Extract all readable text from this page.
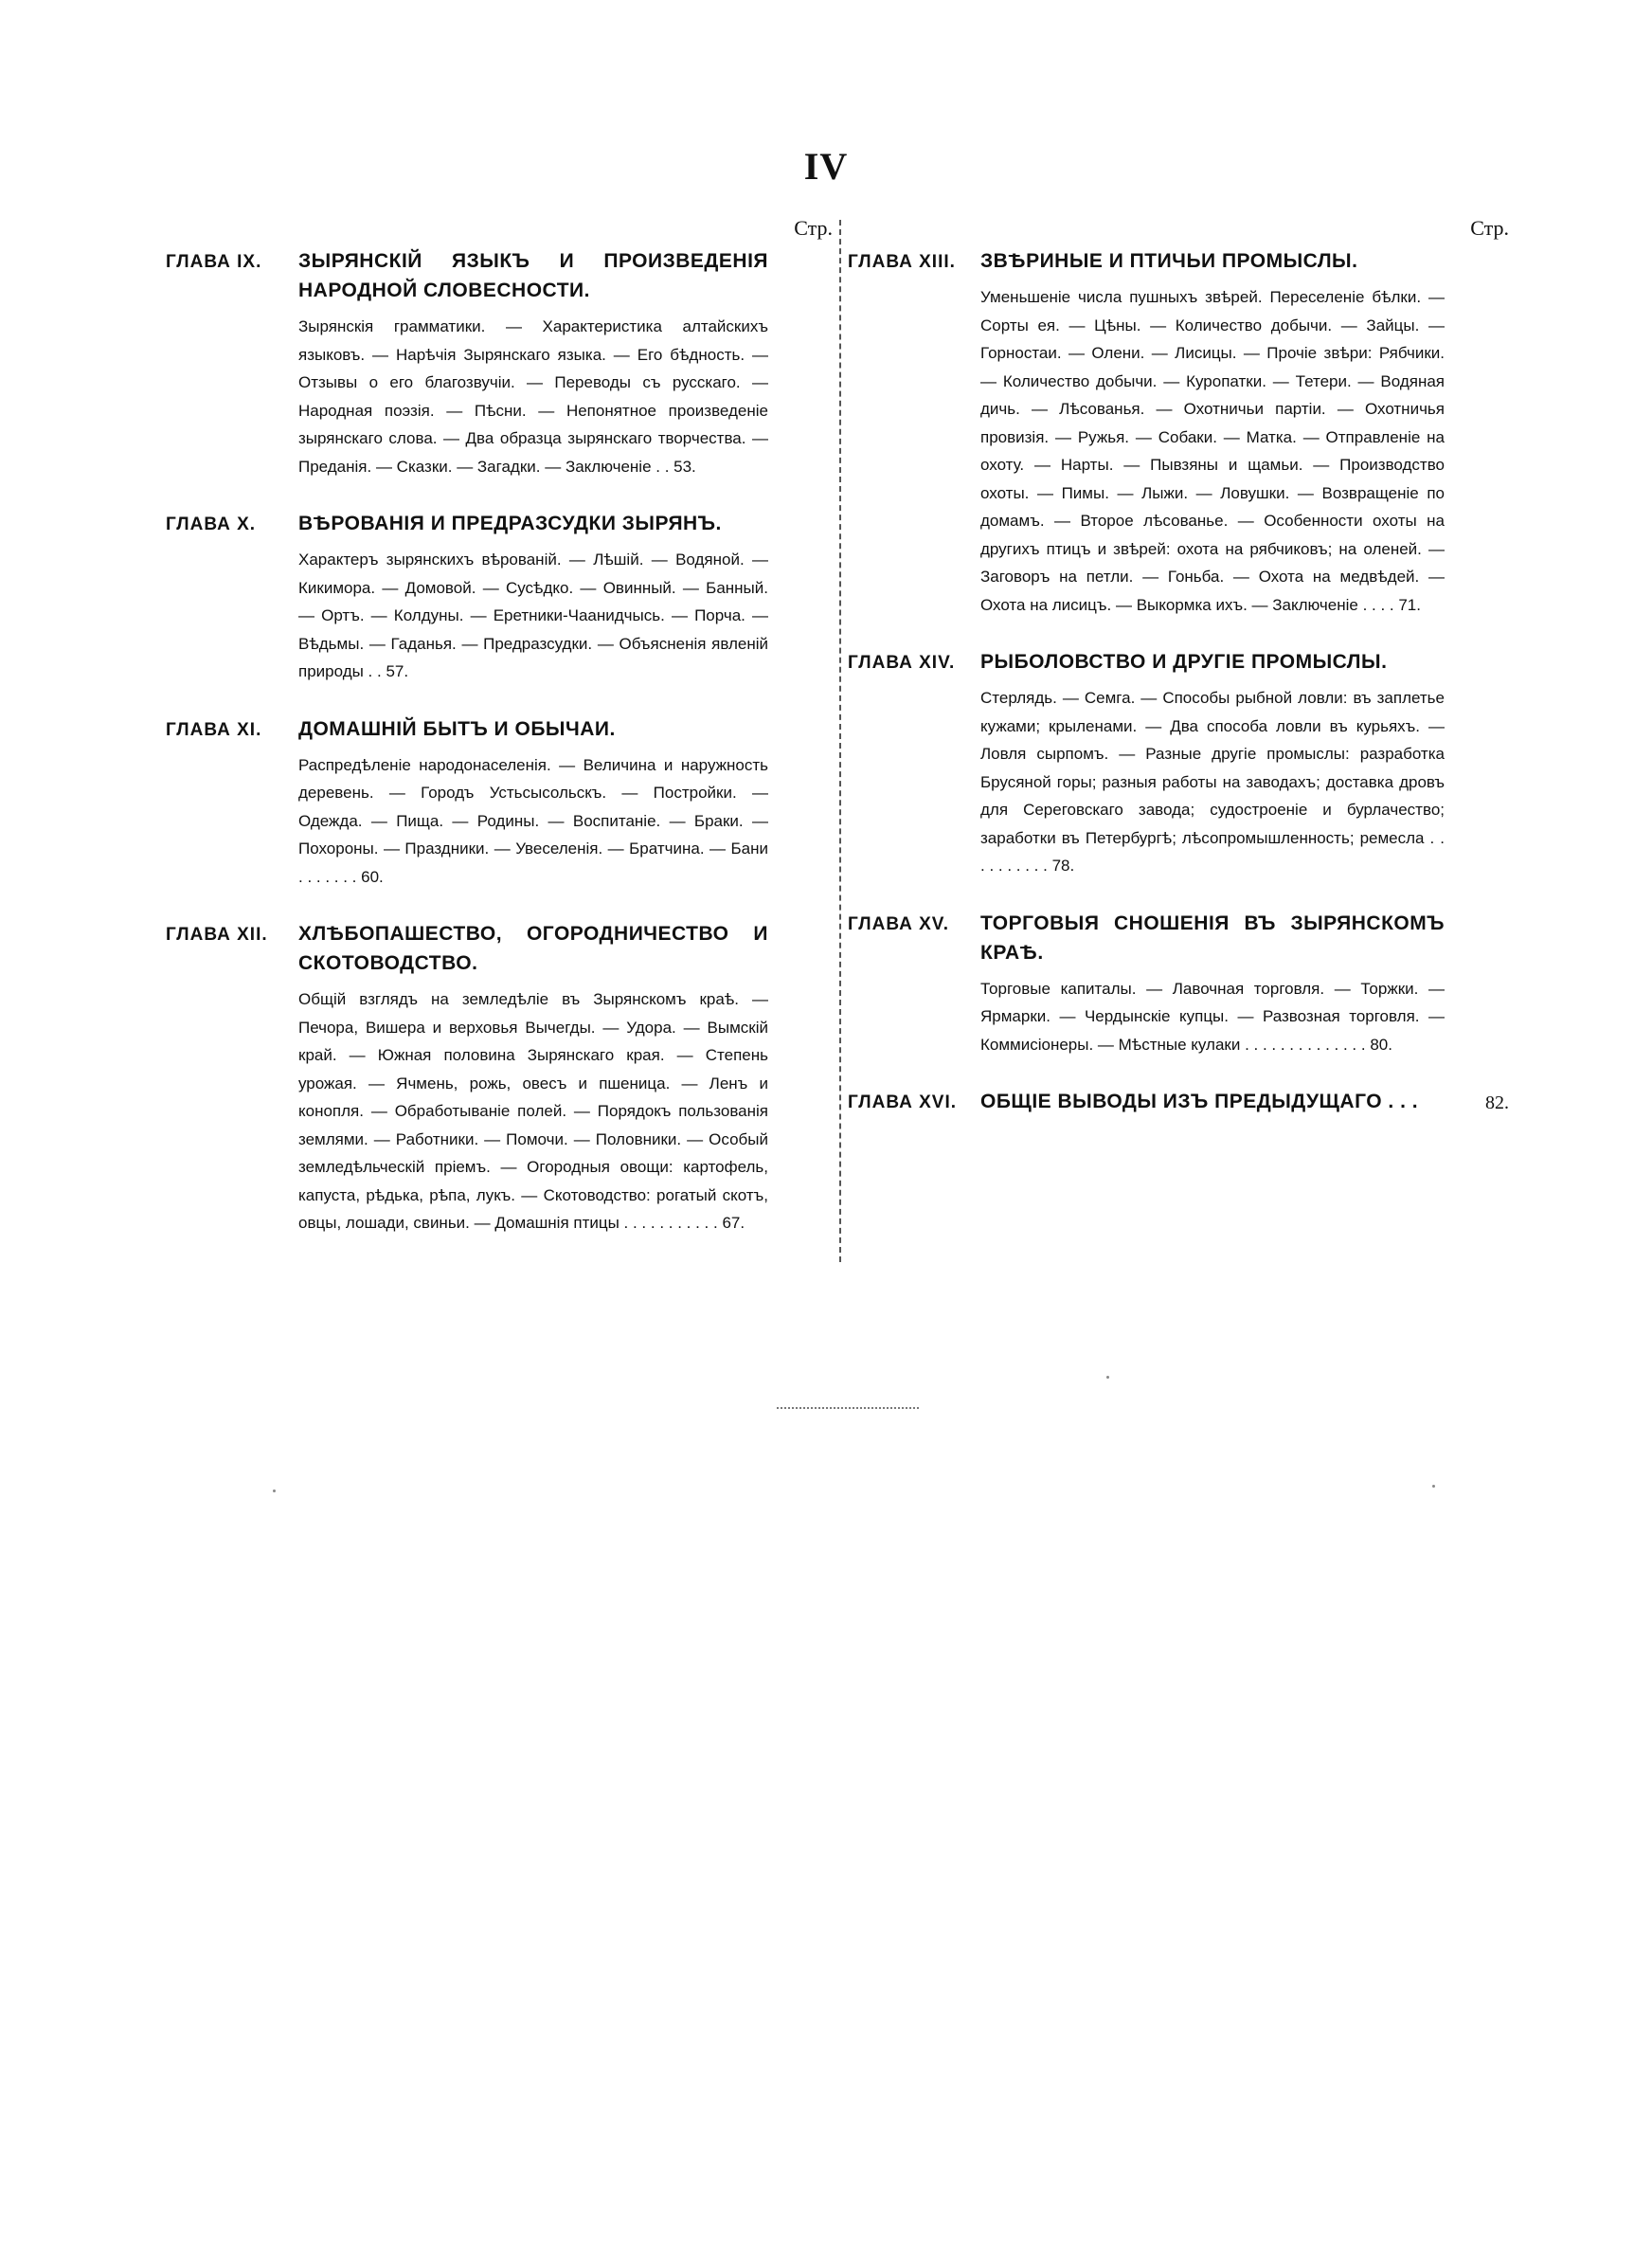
IV
Стр.
ГЛАВА IX.	ЗЫРЯНСКІЙ ЯЗЫКЪ И ПРОИЗВЕДЕНІЯ НАРОДНОЙ СЛОВЕСНОСТИ.
Зырянскія грамматики. — Характеристика алтайскихъ языковъ. — Нарѣчія Зырянскаго языка. — Его бѣдность. — Отзывы о его благозвучіи. — Переводы съ русскаго. — Народная поэзія. — Пѣсни. — Непонятное произведеніе зырянскаго слова. — Два образца зырянскаго творчества. — Преданія. — Сказки. — Загадки. — Заключеніе . . 53.
ГЛАВА X.	ВѢРОВАНІЯ И ПРЕДРАЗСУДКИ ЗЫРЯНЪ.
Характеръ зырянскихъ вѣрованій. — Лѣшій. — Водяной. — Кикимора. — Домовой. — Сусѣдко. — Овинный. — Банный. — Ортъ. — Колдуны. — Еретники-Чаанидчысь. — Порча. — Вѣдьмы. — Гаданья. — Предразсудки. — Объясненія явленій природы . . 57.
ГЛАВА XI.	ДОМАШНІЙ БЫТЪ И ОБЫЧАИ.
Распредѣленіе народонаселенія. — Величина и наружность деревень. — Городъ Устьсысольскъ. — Постройки. — Одежда. — Пища. — Родины. — Воспитаніе. — Браки. — Похороны. — Праздники. — Увеселенія. — Братчина. — Бани . . . . . . . 60.
ГЛАВА XII.	ХЛѢБОПАШЕСТВО, ОГОРОДНИЧЕСТВО И СКОТОВОДСТВО.
Общій взглядъ на земледѣліе въ Зырянскомъ краѣ. — Печора, Вишера и верховья Вычегды. — Удора. — Вымскій край. — Южная половина Зырянскаго края. — Степень урожая. — Ячмень, рожь, овесъ и пшеница. — Ленъ и конопля. — Обработываніе полей. — Порядокъ пользованія землями. — Работники. — Помочи. — Половники. — Особый земледѣльческій пріемъ. — Огородныя овощи: картофель, капуста, рѣдька, рѣпа, лукъ. — Скотоводство: рогатый скотъ, овцы, лошади, свиньи. — Домашнія птицы . . . . . . . . . . . 67.
Стр.
ГЛАВА XIII.	ЗВѢРИНЫЕ И ПТИЧЬИ ПРОМЫСЛЫ.
Уменьшеніе числа пушныхъ звѣрей. Переселеніе бѣлки. — Сорты ея. — Цѣны. — Количество добычи. — Зайцы. — Горностаи. — Олени. — Лисицы. — Прочіе звѣри: Рябчики. — Количество добычи. — Куропатки. — Тетери. — Водяная дичь. — Лѣсованья. — Охотничьи партіи. — Охотничья провизія. — Ружья. — Собаки. — Матка. — Отправленіе на охоту. — Нарты. — Пывзяны и щамьи. — Производство охоты. — Пимы. — Лыжи. — Ловушки. — Возвращеніе по домамъ. — Второе лѣсованье. — Особенности охоты на другихъ птицъ и звѣрей: охота на рябчиковъ; на оленей. — Заговоръ на петли. — Гоньба. — Охота на медвѣдей. — Охота на лисицъ. — Выкормка ихъ. — Заключеніе . . . . 71.
ГЛАВА XIV.	РЫБОЛОВСТВО И ДРУГІЕ ПРОМЫСЛЫ.
Стерлядь. — Семга. — Способы рыбной ловли: въ заплетье кужами; крыленами. — Два способа ловли въ курьяхъ. — Ловля сырпомъ. — Разные другіе промыслы: разработка Брусяной горы; разныя работы на заводахъ; доставка дровъ для Сереговскаго завода; судостроеніе и бурлачество; заработки въ Петербургѣ; лѣсопромышленность; ремесла . . . . . . . . . . 78.
ГЛАВА XV.	ТОРГОВЫЯ СНОШЕНІЯ ВЪ ЗЫРЯНСКОМЪ КРАѢ.
Торговые капиталы. — Лавочная торговля. — Торжки. — Ярмарки. — Чердынскіе купцы. — Развозная торговля. — Коммисіонеры. — Мѣстные кулаки . . . . . . . . . . . . . . 80.
ГЛАВА XVI.	ОБЩІЕ ВЫВОДЫ ИЗЪ ПРЕДЫДУЩАГО . . .	82.
